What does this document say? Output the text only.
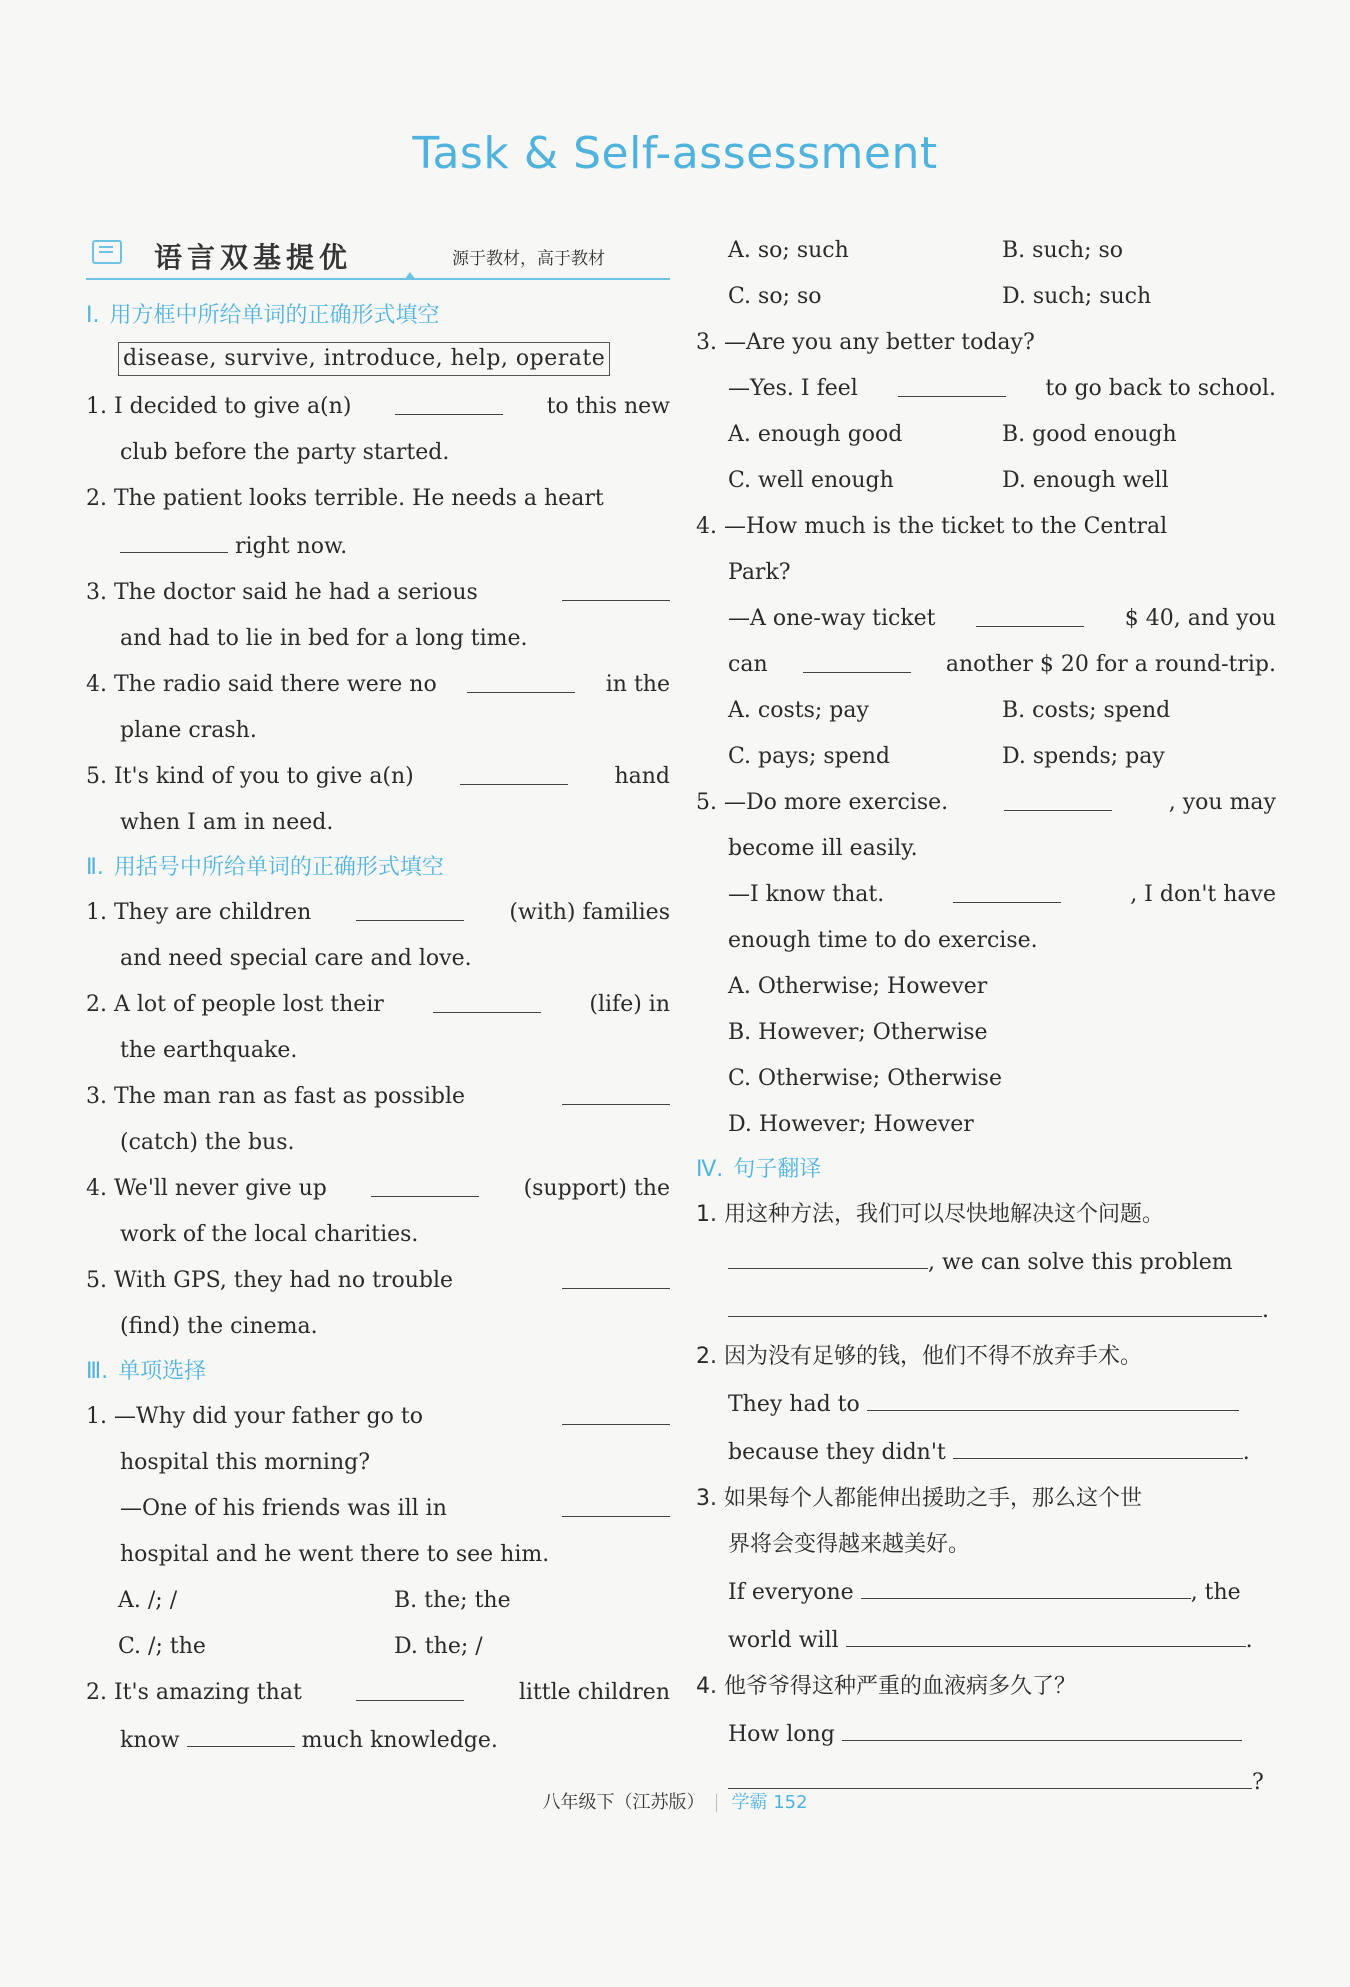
Task & Self-assessment
语言双基提优	源于教材，高于教材
Ⅰ. 用方框中所给单词的正确形式填空
disease, survive, introduce, help, operate
1. I decided to give a(n)	to this new
club before the party started.
2. The patient looks terrible. He needs a heart
right now.
3. The doctor said he had a serious
and had to lie in bed for a long time.
4. The radio said there were no	in the
plane crash.
5. It's kind of you to give a(n)	hand
when I am in need.
Ⅱ. 用括号中所给单词的正确形式填空
1. They are children	(with) families
and need special care and love.
2. A lot of people lost their	(life) in
the earthquake.
3. The man ran as fast as possible
(catch) the bus.
4. We'll never give up	(support) the
work of the local charities.
5. With GPS, they had no trouble
(find) the cinema.
Ⅲ. 单项选择
1. —Why did your father go to
hospital this morning?
—One of his friends was ill in
hospital and he went there to see him.
A. /; /	B. the; the
C. /; the	D. the; /
2. It's amazing that	little children
know	much knowledge.
A. so; such	B. such; so
C. so; so	D. such; such
3. —Are you any better today?
—Yes. I feel	to go back to school.
A. enough good	B. good enough
C. well enough	D. enough well
4. —How much is the ticket to the Central
Park?
—A one-way ticket	$ 40, and you
can	another $ 20 for a round-trip.
A. costs; pay	B. costs; spend
C. pays; spend	D. spends; pay
5. —Do more exercise.	, you may
become ill easily.
—I know that.	, I don't have
enough time to do exercise.
A. Otherwise; However
B. However; Otherwise
C. Otherwise; Otherwise
D. However; However
Ⅳ. 句子翻译
1. 用这种方法，我们可以尽快地解决这个问题。
, we can solve this problem
.
2. 因为没有足够的钱，他们不得不放弃手术。
They had to
because they didn't	.
3. 如果每个人都能伸出援助之手，那么这个世
界将会变得越来越美好。
If everyone	, the
world will	.
4. 他爷爷得这种严重的血液病多久了？
How long
?
八年级下（江苏版） 学霸 152
